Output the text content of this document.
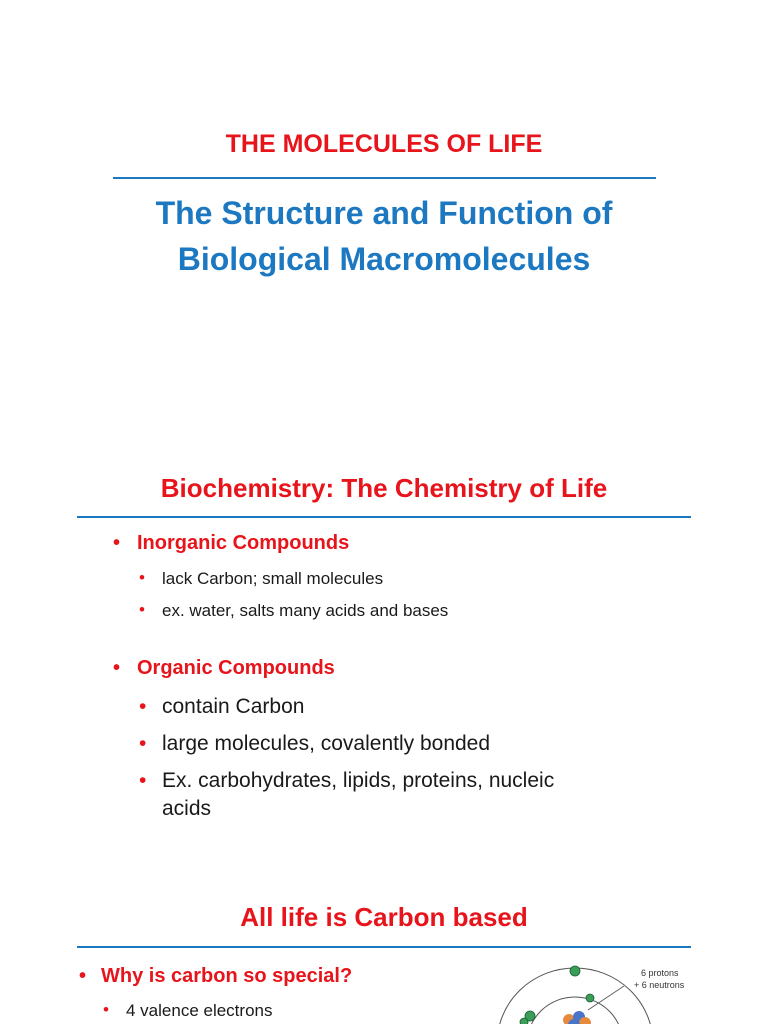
THE MOLECULES OF LIFE
The Structure and Function of
Biological Macromolecules
Biochemistry: The Chemistry of Life

• Inorganic Compounds

• lack Carbon; small molecules

• ex. water, salts many acids and bases

• Organic Compounds

• contain Carbon

• large molecules, covalently bonded

• Ex. carbohydrates, lipids, proteins, nucleic

acids

All life is Carbon based

• Why is carbon so special?

• 4 valence electrons

6 protons
+ 6 neutrons
